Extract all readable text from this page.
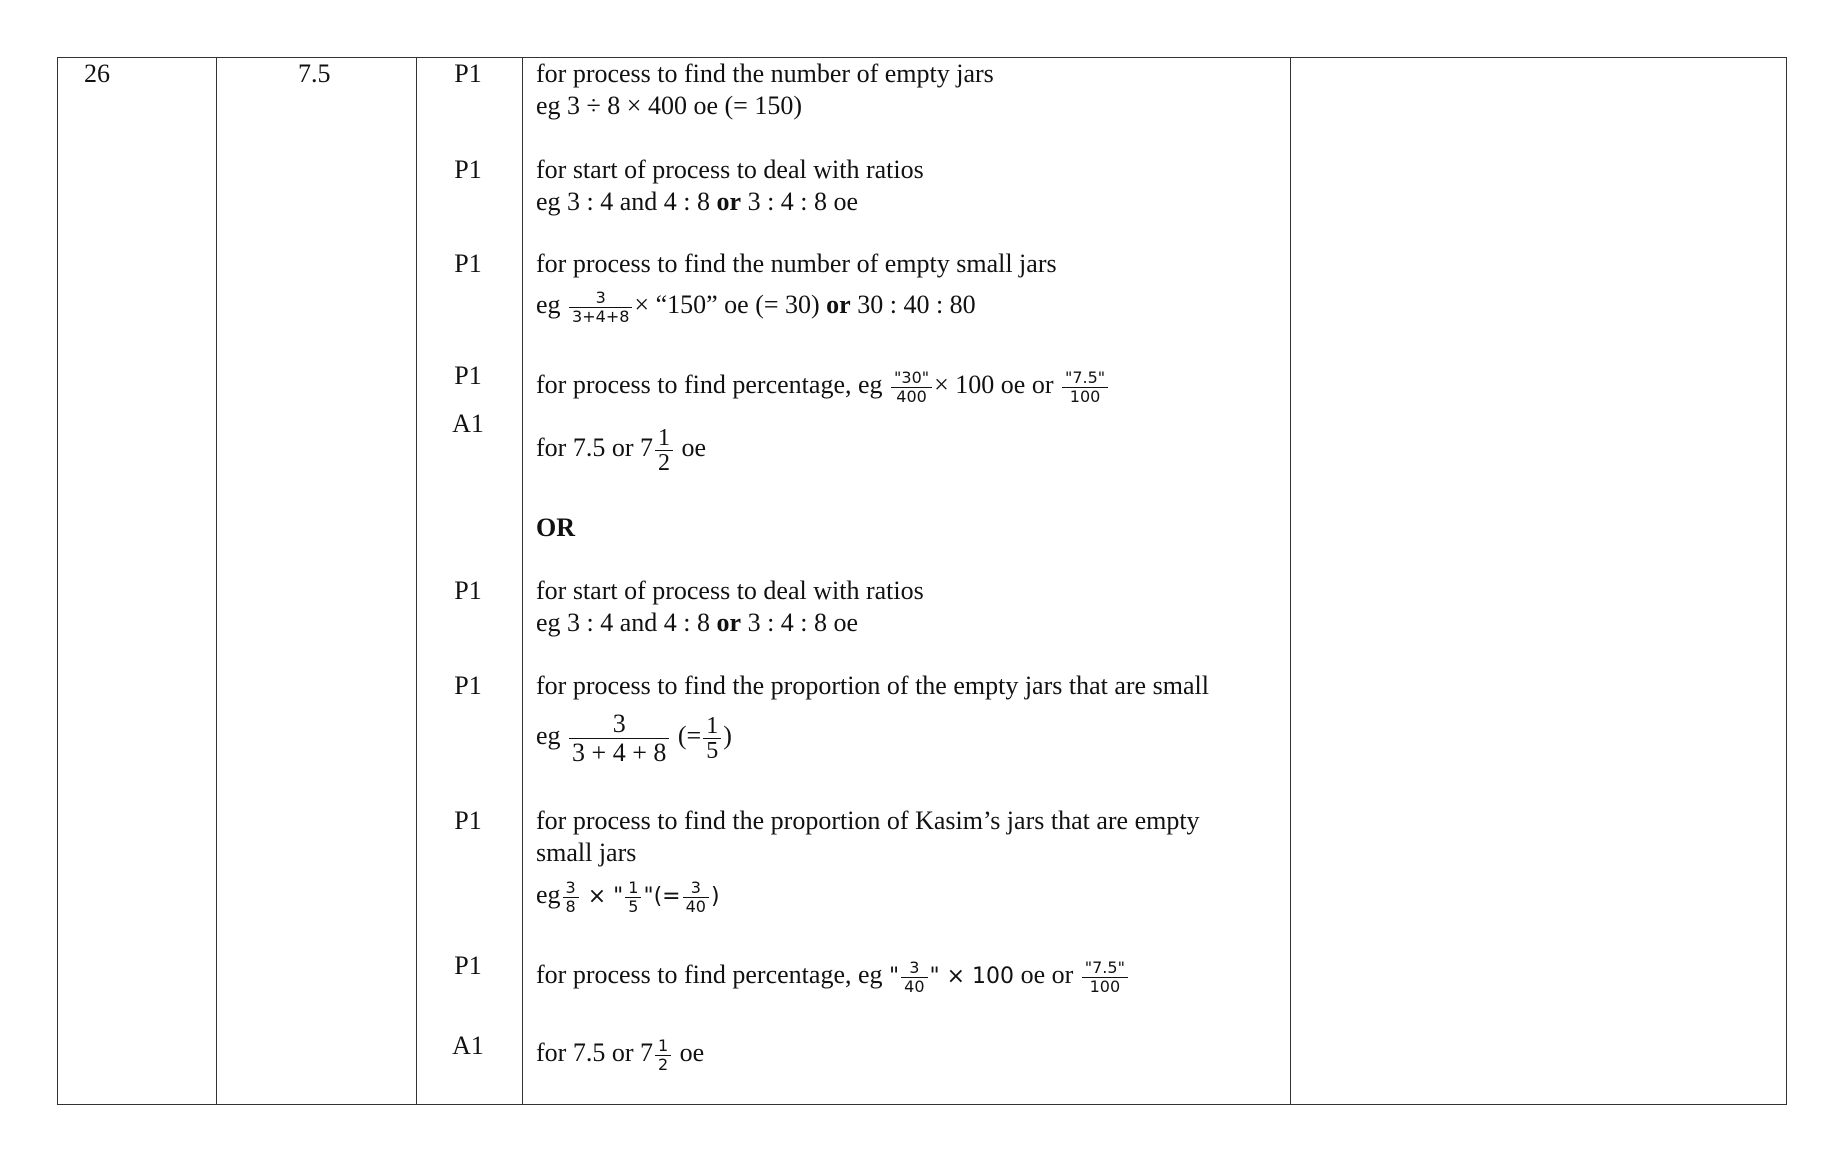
26	7.5	P1
P1
P1
P1
A1
P1
P1
P1
P1
A1
for process to find the number of empty jars
eg 3 ÷ 8 × 400 oe (= 150)
for start of process to deal with ratios
eg 3 : 4 and 4 : 8 or 3 : 4 : 8 oe
for process to find the number of empty small jars
eg $\frac{3}{3+4+8}$ × “150” oe (= 30) or 30 : 40 : 80
for process to find percentage, eg $\frac{"30"}{400} \times 100$ oe or $\frac{"7.5"}{100}$
for 7.5 or $7 \frac{1}{2}$ oe
OR
for start of process to deal with ratios
eg 3 : 4 and 4 : 8 or 3 : 4 : 8 oe
for process to find the proportion of the empty jars that are small
eg $\frac{3}{3 + 4 + 8}$ (= $\frac{1}{5}$ )
for process to find the proportion of Kasim’s jars that are empty
small jars
eg $\frac{3}{8}$ × " $\frac{1}{5}$ "(= $\frac{3}{40}$ )
for process to find percentage, eg " $\frac{3}{40}$ " × 100 oe or $\frac{"7.5"}{100}$
for 7.5 or $7 \frac{1}{2}$ oe
